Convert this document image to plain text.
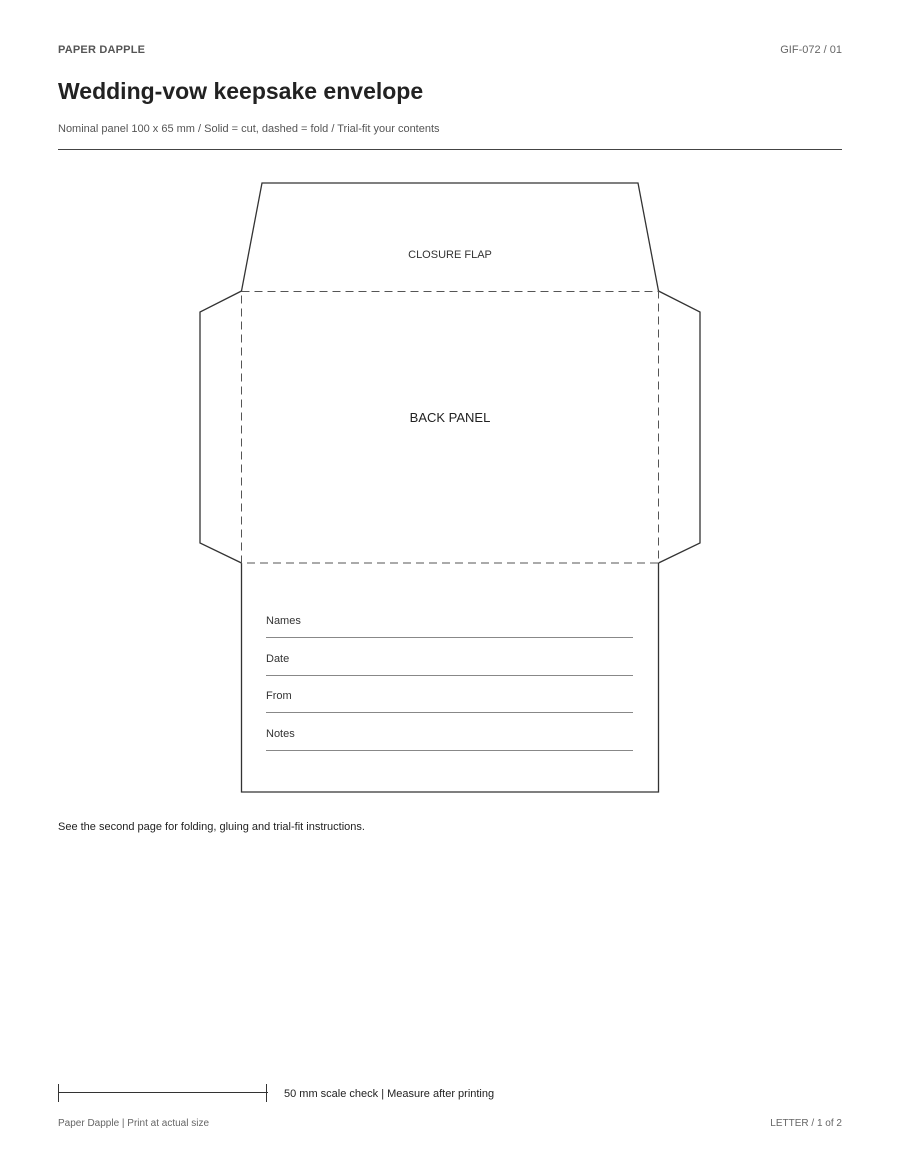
PAPER DAPPLE	GIF-072 / 01
Wedding-vow keepsake envelope
Nominal panel 100 x 65 mm / Solid = cut, dashed = fold / Trial-fit your contents
CLOSURE FLAP
BACK PANEL
Names
Date
From
Notes
See the second page for folding, gluing and trial-fit instructions.
50 mm scale check | Measure after printing
Paper Dapple | Print at actual size	LETTER / 1 of 2
